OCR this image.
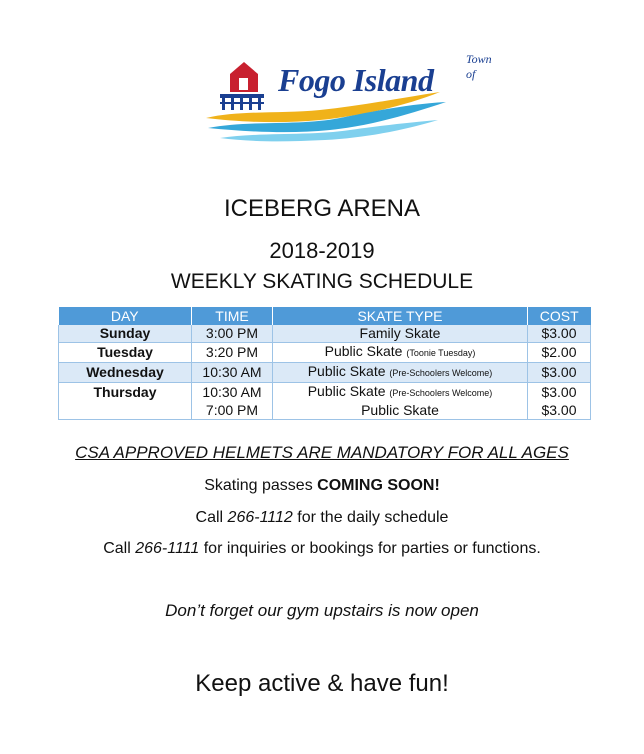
Town of
Fogo Island
ICEBERG ARENA
2018-2019
WEEKLY SKATING SCHEDULE
DAY	TIME	SKATE TYPE	COST
Sunday	3:00 PM	Family Skate	$3.00
Tuesday	3:20 PM	Public Skate (Toonie Tuesday)	$2.00
Wednesday	10:30 AM	Public Skate (Pre-Schoolers Welcome)	$3.00
Thursday	10:30 AM	Public Skate (Pre-Schoolers Welcome)	$3.00
	7:00 PM	Public Skate	$3.00
CSA APPROVED HELMETS ARE MANDATORY FOR ALL AGES
Skating passes COMING SOON!
Call 266-1112 for the daily schedule
Call 266-1111 for inquiries or bookings for parties or functions.
Don’t forget our gym upstairs is now open
Keep active & have fun!
